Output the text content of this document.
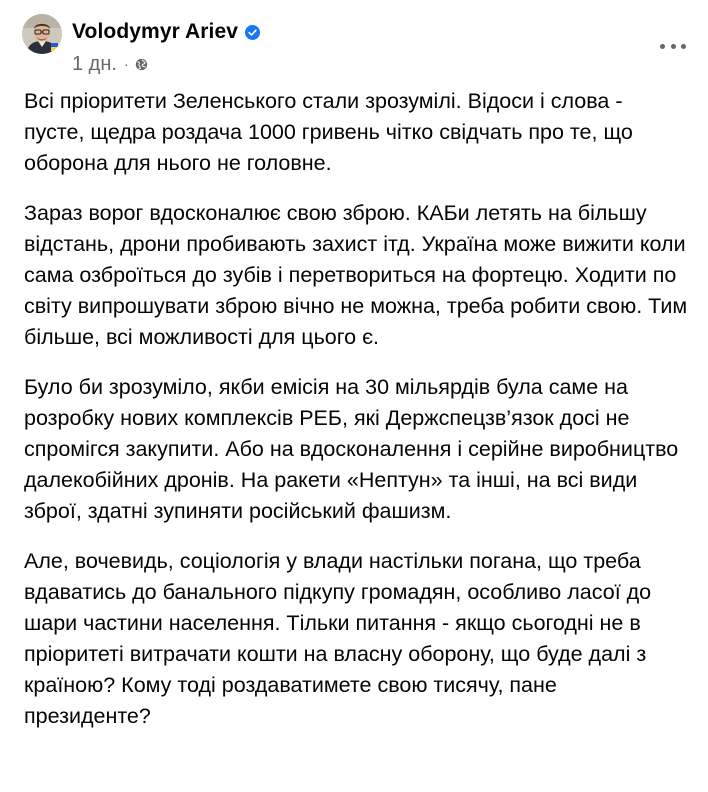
Volodymyr Ariev
1 дн. ·

Всі пріоритети Зеленського стали зрозумілі. Відоси і слова - пусте, щедра роздача 1000 гривень чітко свідчать про те, що оборона для нього не головне.

Зараз ворог вдосконалює свою зброю. КАБи летять на більшу відстань, дрони пробивають захист ітд. Україна може вижити коли сама озброїться до зубів і перетвориться на фортецю. Ходити по світу випрошувати зброю вічно не можна, треба робити свою. Тим більше, всі можливості для цього є.

Було би зрозуміло, якби емісія на 30 мільярдів була саме на розробку нових комплексів РЕБ, які Держспецзв’язок досі не спромігся закупити. Або на вдосконалення і серійне виробництво далекобійних дронів. На ракети «Нептун» та інші, на всі види зброї, здатні зупиняти російський фашизм.

Але, вочевидь, соціологія у влади настільки погана, що треба вдаватись до банального підкупу громадян, особливо ласої до шари частини населення. Тільки питання - якщо сьогодні не в пріоритеті витрачати кошти на власну оборону, що буде далі з країною? Кому тоді роздаватимете свою тисячу, пане президенте?
